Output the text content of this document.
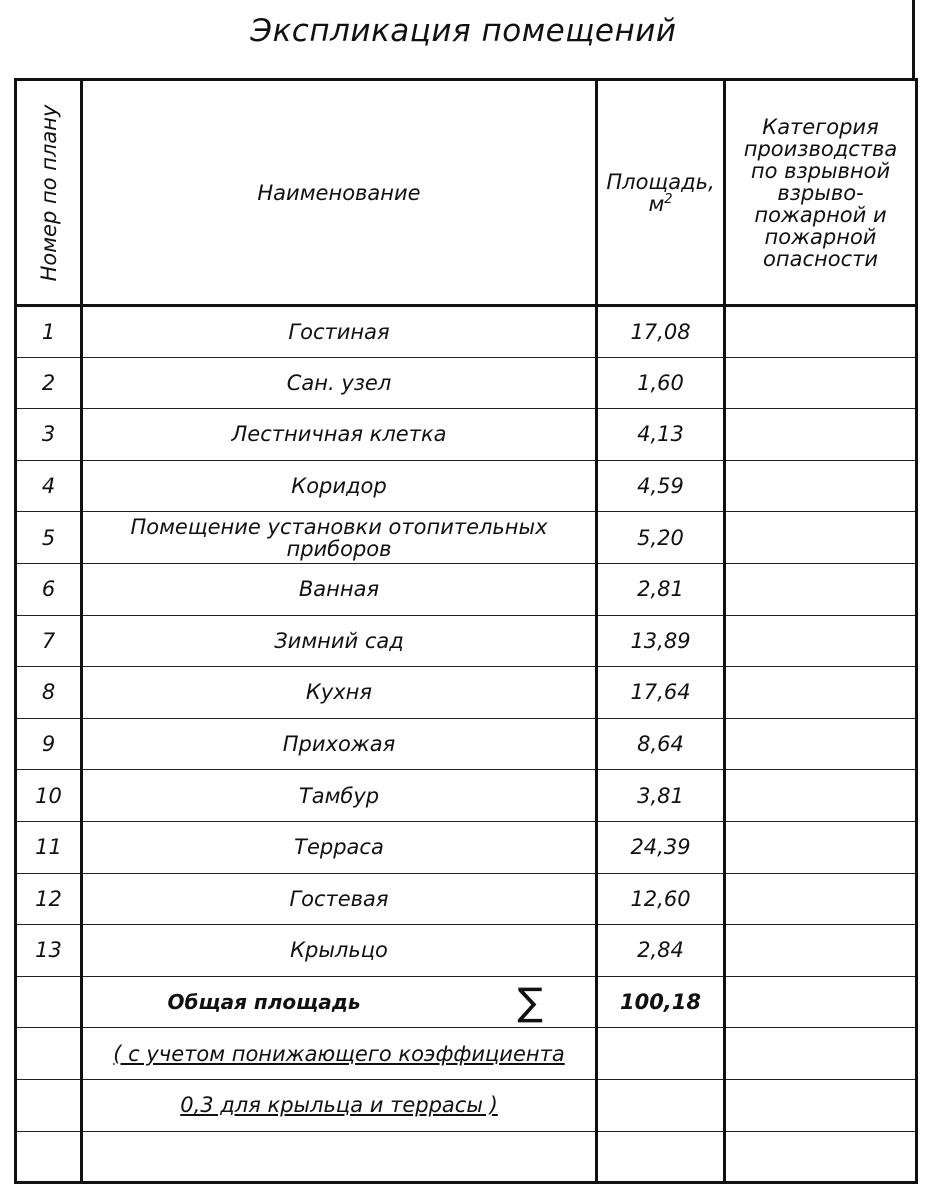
Экспликация помещений
Номер по плану	Наименование	Площадь, $м^2$	Категория производства по взрывной взрыво-пожарной и пожарной опасности
1	Гостиная	17,08	
2	Сан. узел	1,60	
3	Лестничная клетка	4,13	
4	Коридор	4,59	
5	Помещение установки отопительных приборов	5,20	
6	Ванная	2,81	
7	Зимний сад	13,89	
8	Кухня	17,64	
9	Прихожая	8,64	
10	Тамбур	3,81	
11	Терраса	24,39	
12	Гостевая	12,60	
13	Крыльцо	2,84	

	Общая площадь ∑	100,18	
	( с учетом понижающего коэффициента		
	0,3 для крыльца и террасы )		
